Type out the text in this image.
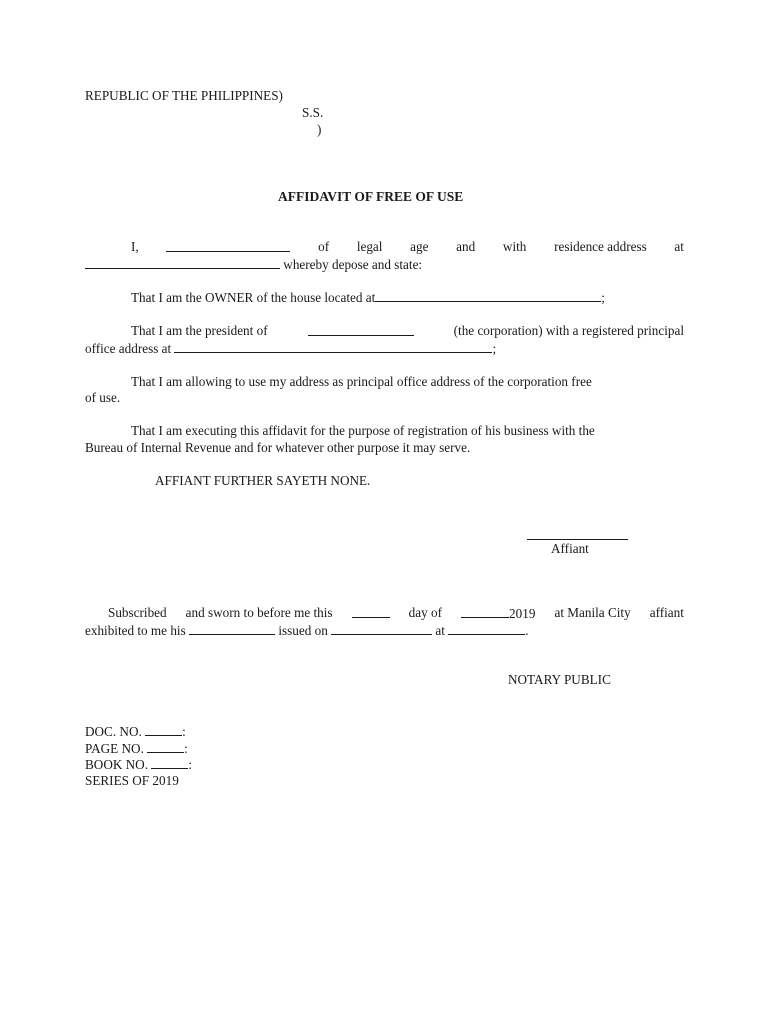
REPUBLIC OF THE PHILIPPINES)
S.S.
)
AFFIDAVIT OF FREE OF USE
I,	of legal age and with residence address at
whereby depose and state:
That I am the OWNER of the house located at	;
That I am the president of	(the corporation) with a registered principal
office address at	;
That I am allowing to use my address as principal office address of the corporation free
of use.
That I am executing this affidavit for the purpose of registration of his business with the
Bureau of Internal Revenue and for whatever other purpose it may serve.
AFFIANT FURTHER SAYETH NONE.
Affiant
Subscribed and sworn to before me this	day of	2019 at Manila City affiant
exhibited to me his	issued on	at	.
NOTARY PUBLIC
DOC. NO.	:
PAGE NO.	:
BOOK NO.	:
SERIES OF 2019
